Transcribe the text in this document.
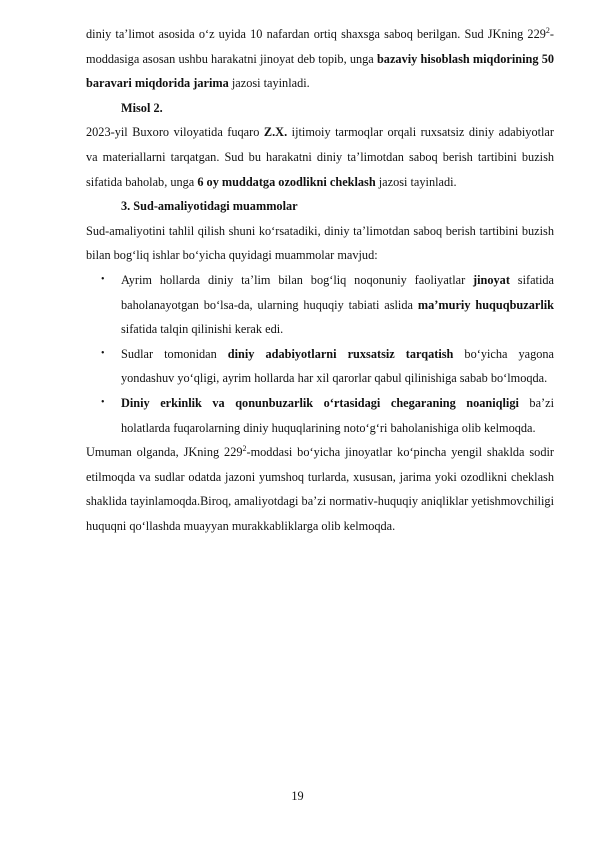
diniy ta’limot asosida o‘z uyida 10 nafardan ortiq shaxsga saboq berilgan. Sud JKning $229^2$-moddasiga asosan ushbu harakatni jinoyat deb topib, unga bazaviy hisoblash miqdorining 50 baravari miqdorida jarima jazosi tayinladi.

Misol 2.

2023-yil Buxoro viloyatida fuqaro Z.X. ijtimoiy tarmoqlar orqali ruxsatsiz diniy adabiyotlar va materiallarni tarqatgan. Sud bu harakatni diniy ta’limotdan saboq berish tartibini buzish sifatida baholab, unga 6 oy muddatga ozodlikni cheklash jazosi tayinladi.

3. Sud-amaliyotidagi muammolar

Sud-amaliyotini tahlil qilish shuni ko‘rsatadiki, diniy ta’limotdan saboq berish tartibini buzish bilan bog‘liq ishlar bo‘yicha quyidagi muammolar mavjud:

• Ayrim hollarda diniy ta’lim bilan bog‘liq noqonuniy faoliyatlar jinoyat sifatida baholanayotgan bo‘lsa-da, ularning huquqiy tabiati aslida ma’muriy huquqbuzarlik sifatida talqin qilinishi kerak edi.
• Sudlar tomonidan diniy adabiyotlarni ruxsatsiz tarqatish bo‘yicha yagona yondashuv yo‘qligi, ayrim hollarda har xil qarorlar qabul qilinishiga sabab bo‘lmoqda.
• Diniy erkinlik va qonunbuzarlik o‘rtasidagi chegaraning noaniqligi ba’zi holatlarda fuqarolarning diniy huquqlarining noto‘g‘ri baholanishiga olib kelmoqda.

Umuman olganda, JKning $229^2$-moddasi bo‘yicha jinoyatlar ko‘pincha yengil shaklda sodir etilmoqda va sudlar odatda jazoni yumshoq turlarda, xususan, jarima yoki ozodlikni cheklash shaklida tayinlamoqda.Biroq, amaliyotdagi ba’zi normativ-huquqiy aniqliklar yetishmovchiligi huquqni qo‘llashda muayyan murakkabliklarga olib kelmoqda.

19
